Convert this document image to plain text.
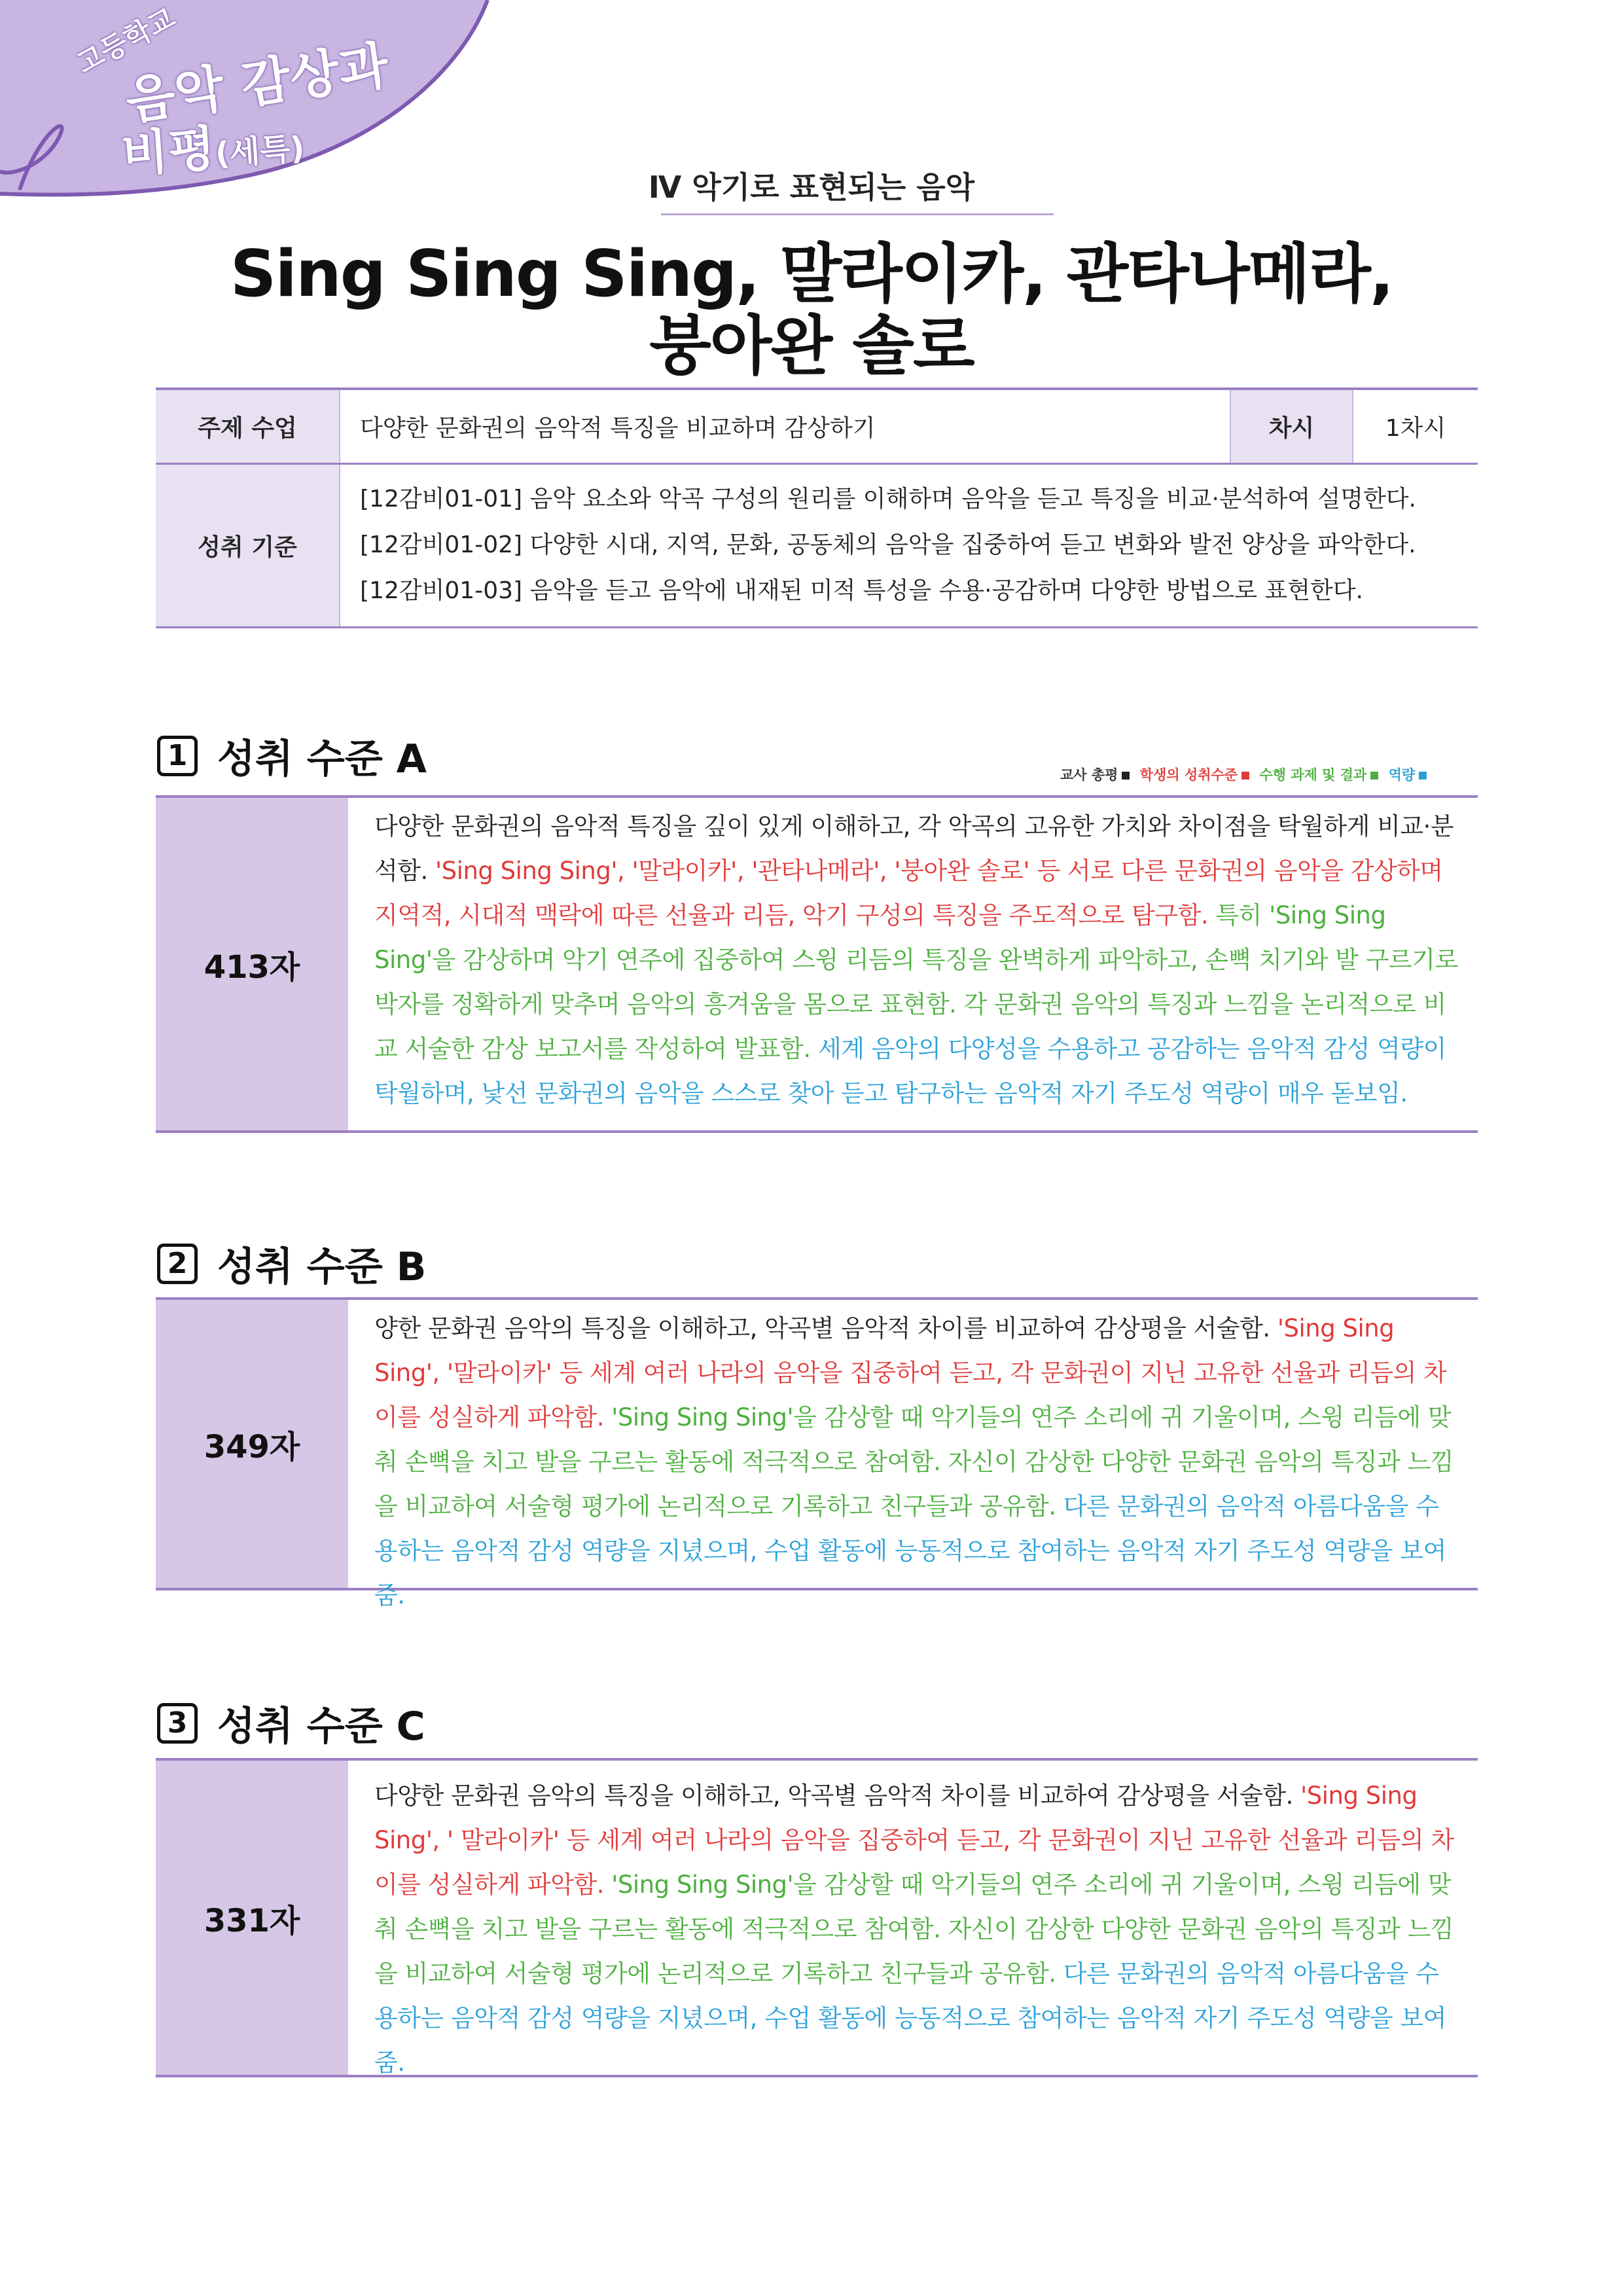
고등학교
음악 감상과
비평(세특)
Ⅳ 악기로 표현되는 음악
Sing Sing Sing, 말라이카, 관타나메라,
붕아완 솔로
주제 수업	다양한 문화권의 음악적 특징을 비교하며 감상하기	차시	1차시
성취 기준	[12감비01-01] 음악 요소와 악곡 구성의 원리를 이해하며 음악을 듣고 특징을 비교·분석하여 설명한다.
[12감비01-02] 다양한 시대, 지역, 문화, 공동체의 음악을 집중하여 듣고 변화와 발전 양상을 파악한다.
[12감비01-03] 음악을 듣고 음악에 내재된 미적 특성을 수용·공감하며 다양한 방법으로 표현한다.		
1 성취 수준 A	교사 총평 학생의 성취수준 수행 과제 및 결과 역량
413자
다양한 문화권의 음악적 특징을 깊이 있게 이해하고, 각 악곡의 고유한 가치와 차이점을 탁월하게 비교·분석함. 'Sing Sing Sing', '말라이카', '관타나메라', '붕아완 솔로' 등 서로 다른 문화권의 음악을 감상하며 지역적, 시대적 맥락에 따른 선율과 리듬, 악기 구성의 특징을 주도적으로 탐구함. 특히 'Sing Sing Sing'을 감상하며 악기 연주에 집중하여 스윙 리듬의 특징을 완벽하게 파악하고, 손뼉 치기와 발 구르기로 박자를 정확하게 맞추며 음악의 흥겨움을 몸으로 표현함. 각 문화권 음악의 특징과 느낌을 논리적으로 비교 서술한 감상 보고서를 작성하여 발표함. 세계 음악의 다양성을 수용하고 공감하는 음악적 감성 역량이 탁월하며, 낯선 문화권의 음악을 스스로 찾아 듣고 탐구하는 음악적 자기 주도성 역량이 매우 돋보임.
2 성취 수준 B
349자
양한 문화권 음악의 특징을 이해하고, 악곡별 음악적 차이를 비교하여 감상평을 서술함. 'Sing Sing Sing', '말라이카' 등 세계 여러 나라의 음악을 집중하여 듣고, 각 문화권이 지닌 고유한 선율과 리듬의 차이를 성실하게 파악함. 'Sing Sing Sing'을 감상할 때 악기들의 연주 소리에 귀 기울이며, 스윙 리듬에 맞춰 손뼉을 치고 발을 구르는 활동에 적극적으로 참여함. 자신이 감상한 다양한 문화권 음악의 특징과 느낌을 비교하여 서술형 평가에 논리적으로 기록하고 친구들과 공유함. 다른 문화권의 음악적 아름다움을 수용하는 음악적 감성 역량을 지녔으며, 수업 활동에 능동적으로 참여하는 음악적 자기 주도성 역량을 보여줌.
3 성취 수준 C
331자
다양한 문화권 음악의 특징을 이해하고, 악곡별 음악적 차이를 비교하여 감상평을 서술함. 'Sing Sing Sing', ' 말라이카' 등 세계 여러 나라의 음악을 집중하여 듣고, 각 문화권이 지닌 고유한 선율과 리듬의 차이를 성실하게 파악함. 'Sing Sing Sing'을 감상할 때 악기들의 연주 소리에 귀 기울이며, 스윙 리듬에 맞춰 손뼉을 치고 발을 구르는 활동에 적극적으로 참여함. 자신이 감상한 다양한 문화권 음악의 특징과 느낌을 비교하여 서술형 평가에 논리적으로 기록하고 친구들과 공유함. 다른 문화권의 음악적 아름다움을 수용하는 음악적 감성 역량을 지녔으며, 수업 활동에 능동적으로 참여하는 음악적 자기 주도성 역량을 보여줌.
